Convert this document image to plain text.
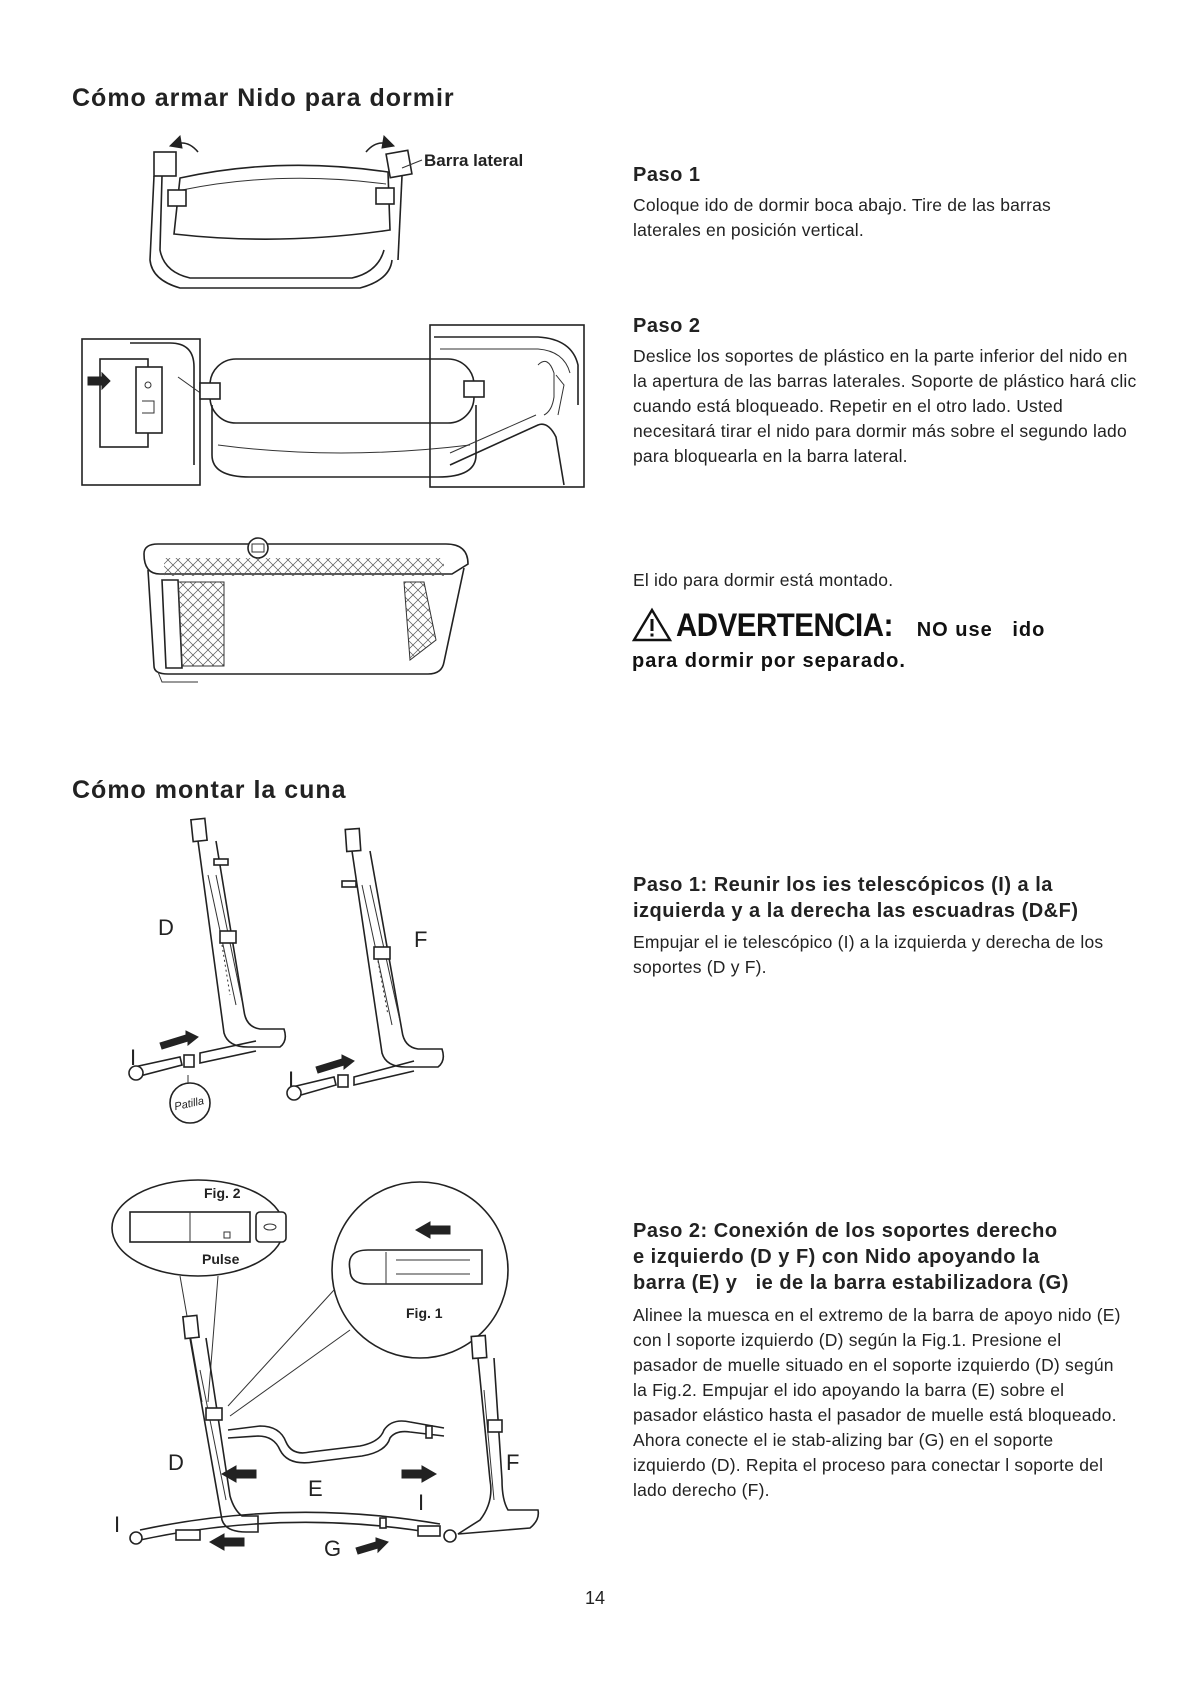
Cómo armar Nido para dormir
Barra lateral
Paso 1
Coloque ido de dormir boca abajo. Tire de las barras laterales en posición vertical.
Paso 2
Deslice los soportes de plástico en la parte inferior del nido en la apertura de las barras laterales. Soporte de plástico hará clic cuando está bloqueado. Repetir en el otro lado. Usted necesitará tirar el nido para dormir más sobre el segundo lado para bloquearla en la barra lateral.
El ido para dormir está montado.
ADVERTENCIA: NO use   ido
para dormir por separado.
Cómo montar la cuna
Patilla
D
I
F
I
Paso 1: Reunir los ies telescópicos (I) a la
izquierda y a la derecha las escuadras (D&F)
Empujar el ie telescópico (I) a la izquierda y derecha de los soportes (D y F).
Fig. 2
Pulse
Fig. 1
D
E
F
I
I
G
Paso 2: Conexión de los soportes derecho
e izquierdo (D y F) con Nido apoyando la
barra (E) y   ie de la barra estabilizadora (G)
Alinee la muesca en el extremo de la barra de apoyo nido (E) con l soporte izquierdo (D) según la Fig.1. Presione el pasador de muelle situado en el soporte izquierdo (D) según la Fig.2. Empujar el ido apoyando la barra (E) sobre el pasador elástico hasta el pasador de muelle está bloqueado. Ahora conecte el ie stab-alizing bar (G) en el soporte izquierdo (D). Repita el proceso para conectar l soporte del lado derecho (F).
14
